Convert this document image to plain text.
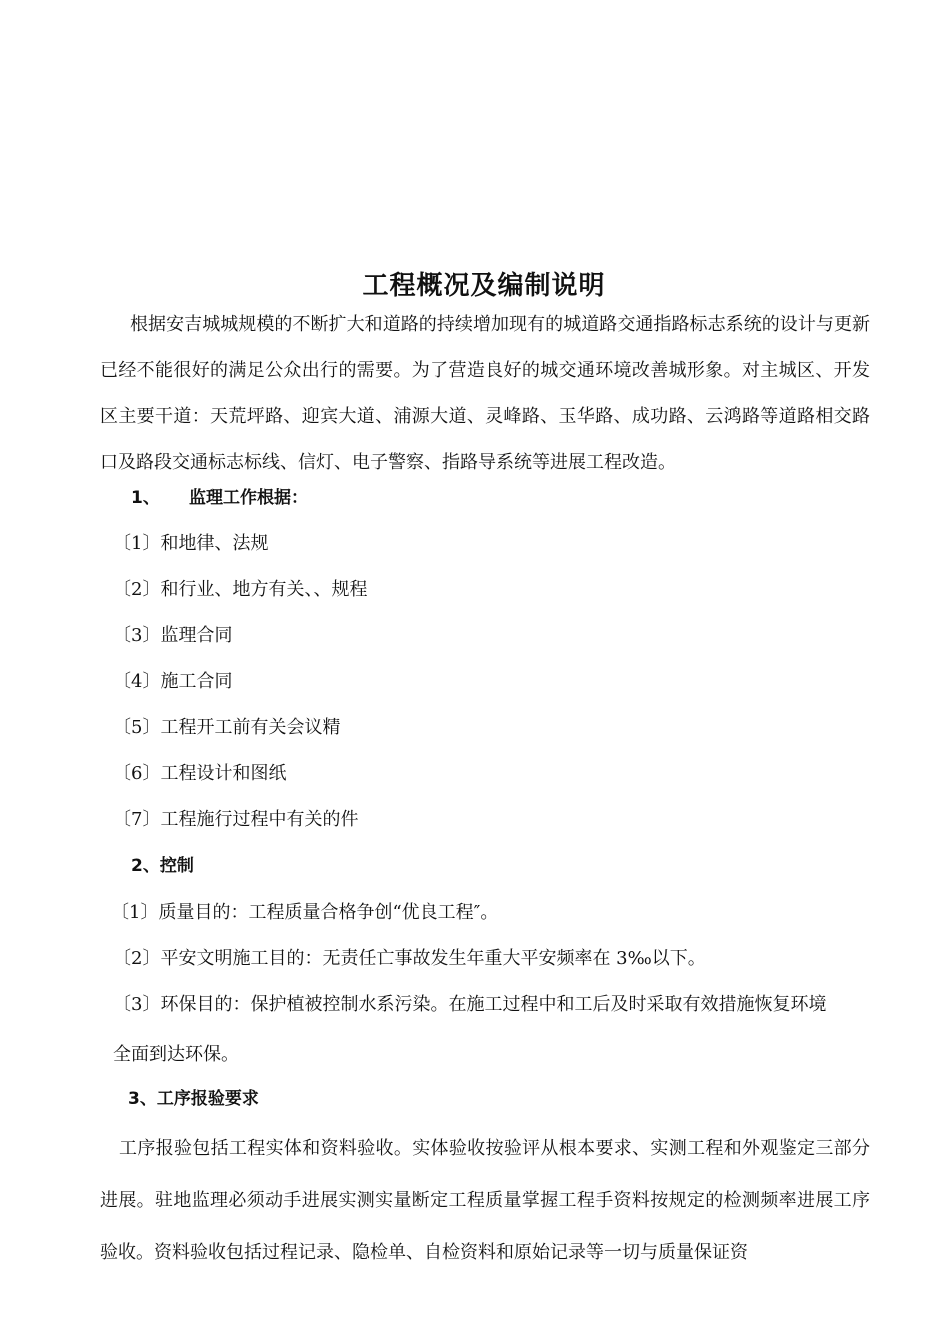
工程概况及编制说明

根据安吉城城规模的不断扩大和道路的持续增加现有的城道路交通指路标志系统的设计与更新已经不能很好的满足公众出行的需要。为了营造良好的城交通环境改善城形象。对主城区、开发区主要干道：天荒坪路、迎宾大道、浦源大道、灵峰路、玉华路、成功路、云鸿路等道路相交路口及路段交通标志标线、信灯、电子警察、指路导系统等进展工程改造。

1、 监理工作根据：
〔1〕和地律、法规
〔2〕和行业、地方有关、、规程
〔3〕监理合同
〔4〕施工合同
〔5〕工程开工前有关会议精
〔6〕工程设计和图纸
〔7〕工程施行过程中有关的件
2、控制
〔1〕质量目的：工程质量合格争创“优良工程″。
〔2〕平安文明施工目的：无责任亡事故发生年重大平安频率在 3‰以下。
〔3〕环保目的：保护植被控制水系污染。在施工过程中和工后及时采取有效措施恢复环境
全面到达环保。
3、工序报验要求

工序报验包括工程实体和资料验收。实体验收按验评从根本要求、实测工程和外观鉴定三部分进展。驻地监理必须动手进展实测实量断定工程质量掌握工程手资料按规定的检测频率进展工序验收。资料验收包括过程记录、隐检单、自检资料和原始记录等一切与质量保证资
